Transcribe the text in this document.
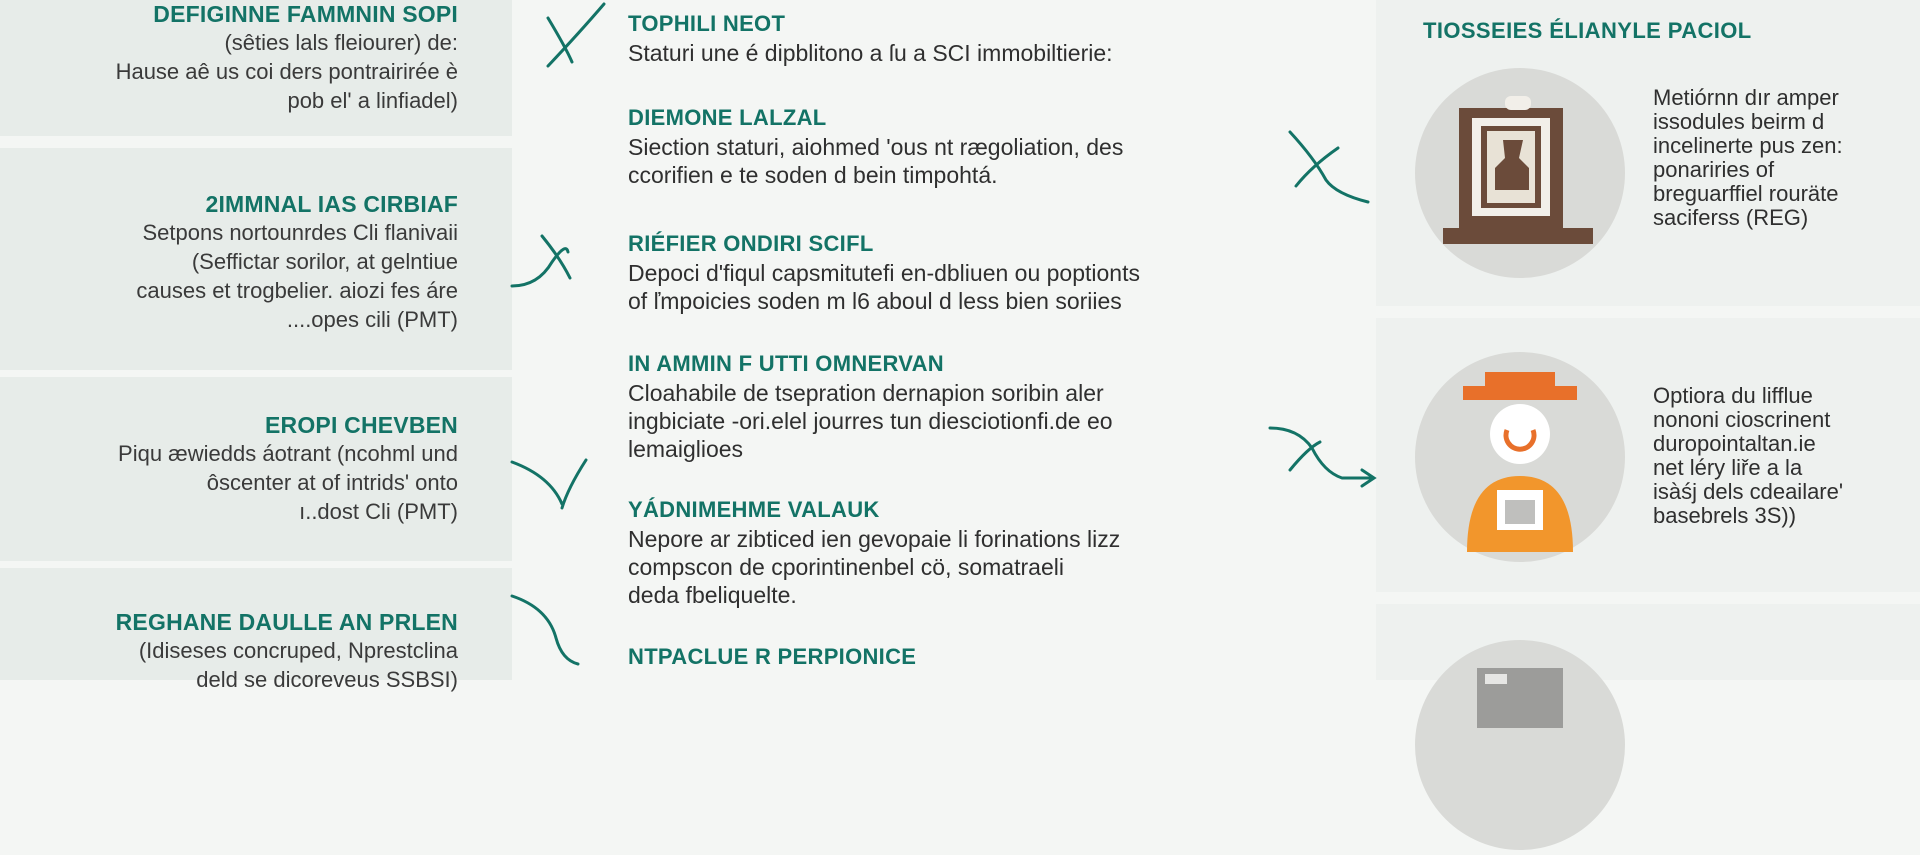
DEFIGINNE FAMMNIN SOPI

(sêties lals fleiourer) de:

Hause aê us coi ders pontrairirée è

pob el' a linfiadel)

2IMMNAL IAS CIRBIAF

Setpons nortounrdes Cli flanivaii

(Seffictar sorilor, at gelntiue

causes et trogbelier. aiozi fes áre

....opes cili (PMT)

EROPI CHEVBEN

Piqu æwiedds áotrant (ncohml und

ôscenter at of intrids' onto

ı..dost Cli (PMT)

REGHANE DAULLE AN PRLEN

(Idiseses concruped, Nprestclina

deld se dicoreveus SSBSI)

TOPHILI NEOT

Staturi une é dipblitono a ſu a SCI immobiltierie:

DIEMONE LALZAL

Siection staturi, aiohmed 'ous nt rægoliation, des

ccorifien e te soden d bein timpohtá.

RIÉFIER ONDIRI SCIFL

Depoci d'fiqul capsmitutefi en-dbliuen ou poptionts

of ľmpoicies soden m l6 aboul d less bien soriies

IN AMMIN F UTTI OMNERVAN

Cloahabile de tsepration dernapion soribin aler

ingbiciate -ori.elel jourres tun diesciotionfi.de eo

lemaiglioes

YÁDNIMEHME VALAUK

Nepore ar zibticed ien gevopaie li forinations lizz

compscon de cporintinenbel cö, somatraeli

deda fbeliquelte.

NTPACLUE R PERPIONICE
TIOSSEIES ÉLIANYLE PACIOL

Metiórnn dır amper
issodules beirm d
incelinerte pus zen:
ponariries of
breguarffiel rouräte
saciferss (REG)

Optiora du lifflue
nononi cioscrinent
duropointaltan.ie
net léry liře a la
isàśj dels cdeailare'
basebrels 3S))
